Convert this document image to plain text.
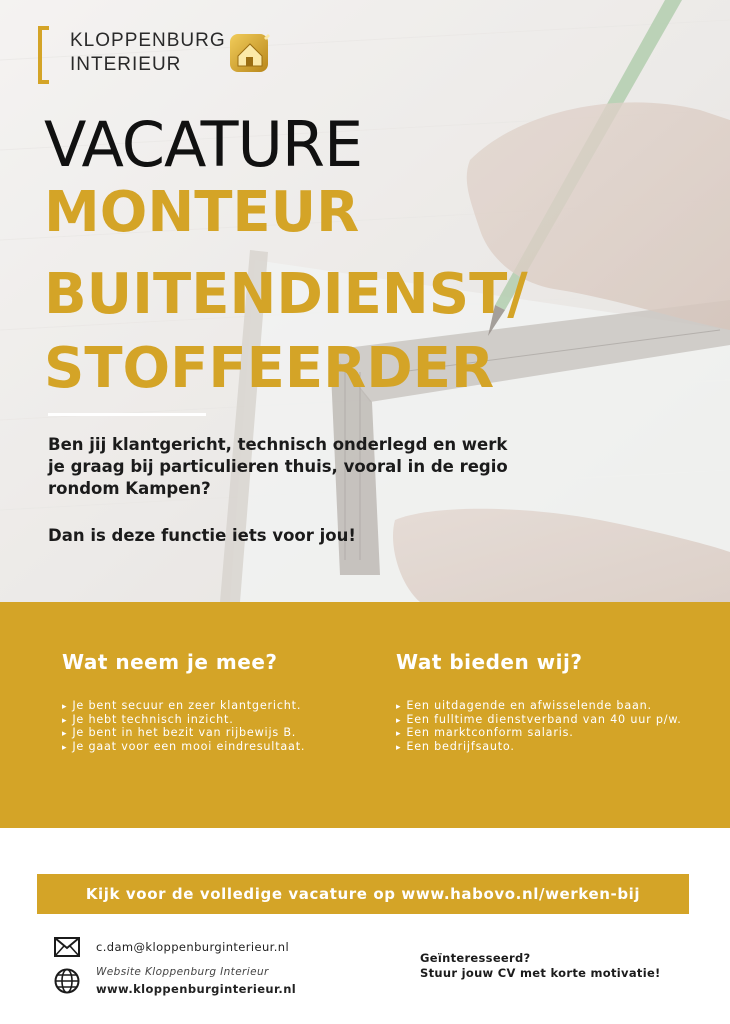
KLOPPENBURG
INTERIEUR
VACATURE
MONTEUR
BUITENDIENST/
STOFFEERDER

Ben jij klantgericht, technisch onderlegd en werk je graag bij particulieren thuis, vooral in de regio rondom Kampen?

Dan is deze functie iets voor jou!

Wat neem je mee?
▸ Je bent secuur en zeer klantgericht.
▸ Je hebt technisch inzicht.
▸ Je bent in het bezit van rijbewijs B.
▸ Je gaat voor een mooi eindresultaat.
Wat bieden wij?
▸ Een uitdagende en afwisselende baan.
▸ Een fulltime dienstverband van 40 uur p/w.
▸ Een marktconform salaris.
▸ Een bedrijfsauto.
Kijk voor de volledige vacature op www.habovo.nl/werken-bij
c.dam@kloppenburginterieur.nl
Website Kloppenburg Interieur
www.kloppenburginterieur.nl

Geïnteresseerd?
Stuur jouw CV met korte motivatie!
